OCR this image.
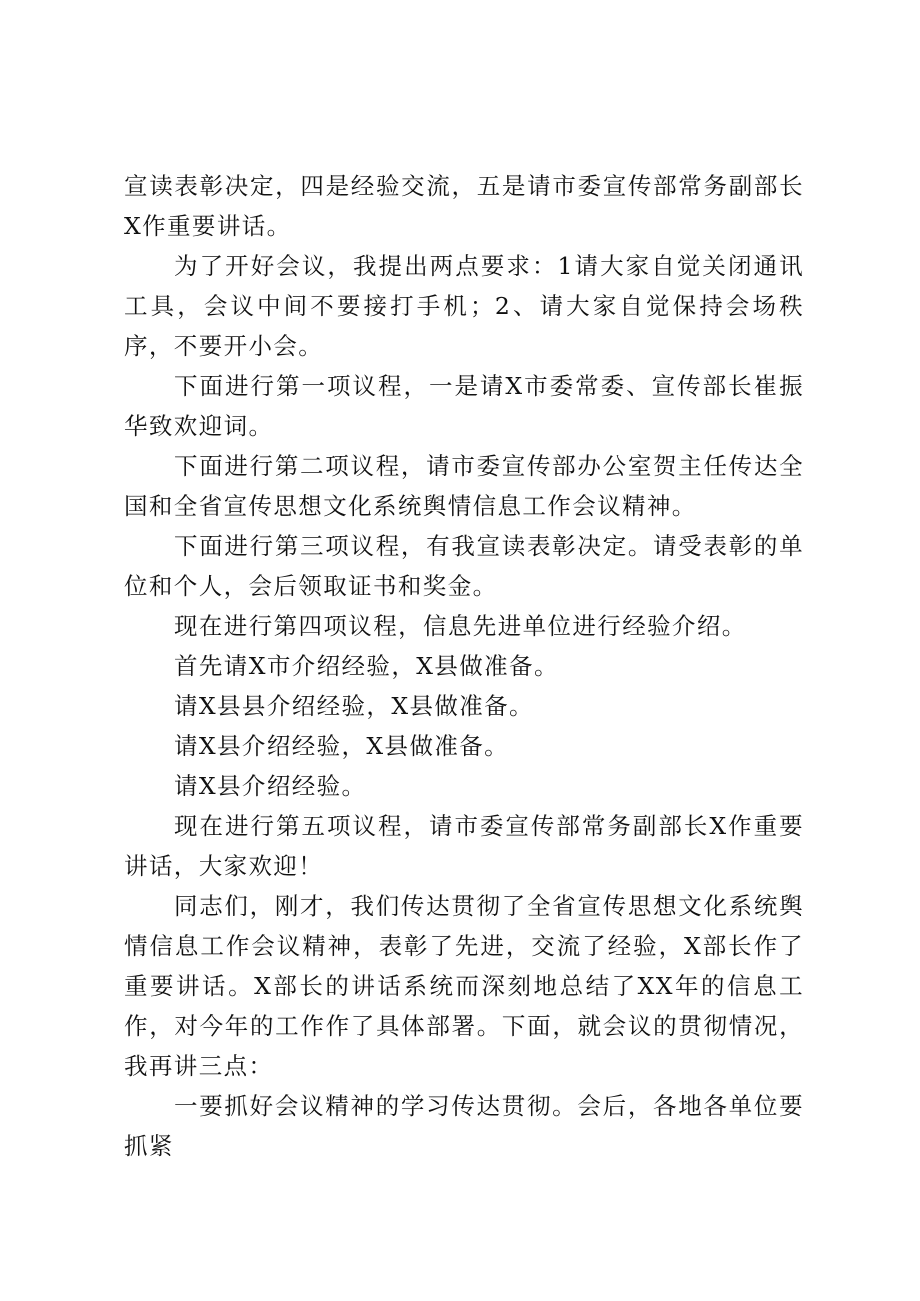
宣读表彰决定，四是经验交流，五是请市委宣传部常务副部长X作重要讲话。

为了开好会议，我提出两点要求：1请大家自觉关闭通讯工具，会议中间不要接打手机；2、请大家自觉保持会场秩序，不要开小会。

下面进行第一项议程，一是请X市委常委、宣传部长崔振华致欢迎词。

下面进行第二项议程，请市委宣传部办公室贺主任传达全国和全省宣传思想文化系统舆情信息工作会议精神。

下面进行第三项议程，有我宣读表彰决定。请受表彰的单位和个人，会后领取证书和奖金。

现在进行第四项议程，信息先进单位进行经验介绍。

首先请X市介绍经验，X县做准备。

请X县县介绍经验，X县做准备。

请X县介绍经验，X县做准备。

请X县介绍经验。

现在进行第五项议程，请市委宣传部常务副部长X作重要讲话，大家欢迎！

同志们，刚才，我们传达贯彻了全省宣传思想文化系统舆情信息工作会议精神，表彰了先进，交流了经验，X部长作了重要讲话。X部长的讲话系统而深刻地总结了XX年的信息工作，对今年的工作作了具体部署。下面，就会议的贯彻情况，我再讲三点：

一要抓好会议精神的学习传达贯彻。会后，各地各单位要抓紧
